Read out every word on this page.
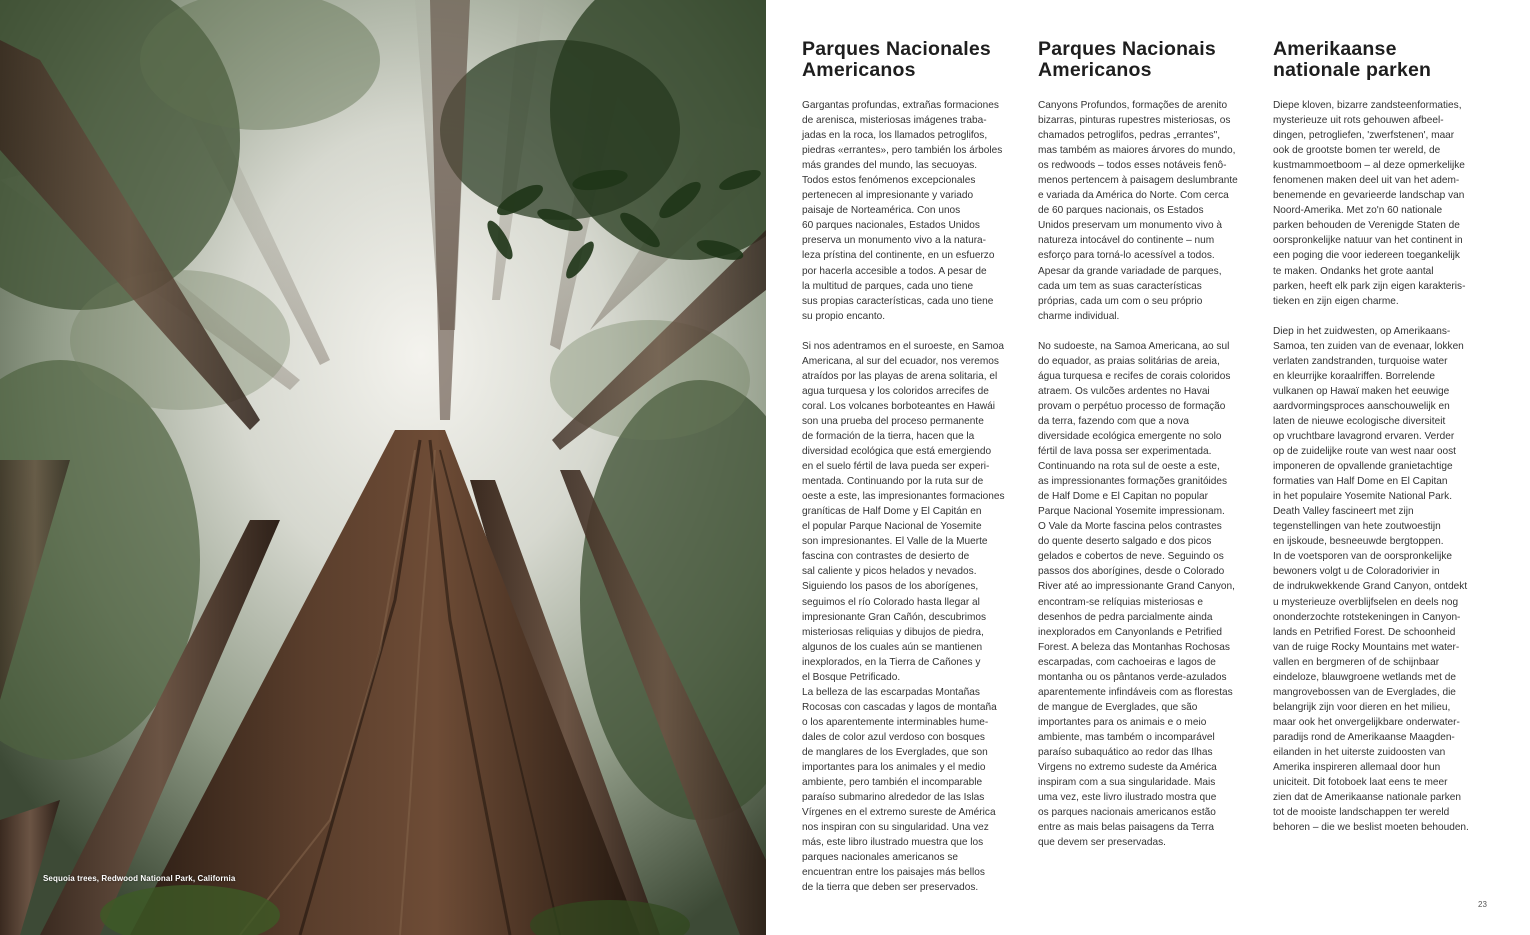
Sequoia trees, Redwood National Park, California
Parques Nacionales
Americanos

Gargantas profundas, extrañas formaciones
de arenisca, misteriosas imágenes traba-
jadas en la roca, los llamados petroglifos,
piedras «errantes», pero también los árboles
más grandes del mundo, las secuoyas.
Todos estos fenómenos excepcionales
pertenecen al impresionante y variado
paisaje de Norteamérica. Con unos
60 parques nacionales, Estados Unidos
preserva un monumento vivo a la natura-
leza prístina del continente, en un esfuerzo
por hacerla accesible a todos. A pesar de
la multitud de parques, cada uno tiene
sus propias características, cada uno tiene
su propio encanto.

Si nos adentramos en el suroeste, en Samoa
Americana, al sur del ecuador, nos veremos
atraídos por las playas de arena solitaria, el
agua turquesa y los coloridos arrecifes de
coral. Los volcanes borboteantes en Hawái
son una prueba del proceso permanente
de formación de la tierra, hacen que la
diversidad ecológica que está emergiendo
en el suelo fértil de lava pueda ser experi-
mentada. Continuando por la ruta sur de
oeste a este, las impresionantes formaciones
graníticas de Half Dome y El Capitán en
el popular Parque Nacional de Yosemite
son impresionantes. El Valle de la Muerte
fascina con contrastes de desierto de
sal caliente y picos helados y nevados.
Siguiendo los pasos de los aborígenes,
seguimos el río Colorado hasta llegar al
impresionante Gran Cañón, descubrimos
misteriosas reliquias y dibujos de piedra,
algunos de los cuales aún se mantienen
inexplorados, en la Tierra de Cañones y
el Bosque Petrificado.
La belleza de las escarpadas Montañas
Rocosas con cascadas y lagos de montaña
o los aparentemente interminables hume-
dales de color azul verdoso con bosques
de manglares de los Everglades, que son
importantes para los animales y el medio
ambiente, pero también el incomparable
paraíso submarino alrededor de las Islas
Vírgenes en el extremo sureste de América
nos inspiran con su singularidad. Una vez
más, este libro ilustrado muestra que los
parques nacionales americanos se
encuentran entre los paisajes más bellos
de la tierra que deben ser preservados.

Parques Nacionais
Americanos

Canyons Profundos, formações de arenito
bizarras, pinturas rupestres misteriosas, os
chamados petroglifos, pedras „errantes",
mas também as maiores árvores do mundo,
os redwoods – todos esses notáveis fenô-
menos pertencem à paisagem deslumbrante
e variada da América do Norte. Com cerca
de 60 parques nacionais, os Estados
Unidos preservam um monumento vivo à
natureza intocável do continente – num
esforço para torná-lo acessível a todos.
Apesar da grande variadade de parques,
cada um tem as suas características
próprias, cada um com o seu próprio
charme individual.

No sudoeste, na Samoa Americana, ao sul
do equador, as praias solitárias de areia,
água turquesa e recifes de corais coloridos
atraem. Os vulcões ardentes no Havai
provam o perpétuo processo de formação
da terra, fazendo com que a nova
diversidade ecológica emergente no solo
fértil de lava possa ser experimentada.
Continuando na rota sul de oeste a este,
as impressionantes formações granitóides
de Half Dome e El Capitan no popular
Parque Nacional Yosemite impressionam.
O Vale da Morte fascina pelos contrastes
do quente deserto salgado e dos picos
gelados e cobertos de neve. Seguindo os
passos dos aborígines, desde o Colorado
River até ao impressionante Grand Canyon,
encontram-se relíquias misteriosas e
desenhos de pedra parcialmente ainda
inexplorados em Canyonlands e Petrified
Forest. A beleza das Montanhas Rochosas
escarpadas, com cachoeiras e lagos de
montanha ou os pântanos verde-azulados
aparentemente infindáveis com as florestas
de mangue de Everglades, que são
importantes para os animais e o meio
ambiente, mas também o incomparável
paraíso subaquático ao redor das Ilhas
Virgens no extremo sudeste da América
inspiram com a sua singularidade. Mais
uma vez, este livro ilustrado mostra que
os parques nacionais americanos estão
entre as mais belas paisagens da Terra
que devem ser preservadas.

Amerikaanse
nationale parken

Diepe kloven, bizarre zandsteenformaties,
mysterieuze uit rots gehouwen afbeel-
dingen, petrogliefen, 'zwerfstenen', maar
ook de grootste bomen ter wereld, de
kustmammoetboom – al deze opmerkelijke
fenomenen maken deel uit van het adem-
benemende en gevarieerde landschap van
Noord-Amerika. Met zo'n 60 nationale
parken behouden de Verenigde Staten de
oorspronkelijke natuur van het continent in
een poging die voor iedereen toegankelijk
te maken. Ondanks het grote aantal
parken, heeft elk park zijn eigen karakteris-
tieken en zijn eigen charme.

Diep in het zuidwesten, op Amerikaans-
Samoa, ten zuiden van de evenaar, lokken
verlaten zandstranden, turquoise water
en kleurrijke koraalriffen. Borrelende
vulkanen op Hawaï maken het eeuwige
aardvormingsproces aanschouwelijk en
laten de nieuwe ecologische diversiteit
op vruchtbare lavagrond ervaren. Verder
op de zuidelijke route van west naar oost
imponeren de opvallende granietachtige
formaties van Half Dome en El Capitan
in het populaire Yosemite National Park.
Death Valley fascineert met zijn
tegenstellingen van hete zoutwoestijn
en ijskoude, besneeuwde bergtoppen.
In de voetsporen van de oorspronkelijke
bewoners volgt u de Coloradorivier in
de indrukwekkende Grand Canyon, ontdekt
u mysterieuze overblijfselen en deels nog
ononderzochte rotstekeningen in Canyon-
lands en Petrified Forest. De schoonheid
van de ruige Rocky Mountains met water-
vallen en bergmeren of de schijnbaar
eindeloze, blauwgroene wetlands met de
mangrovebossen van de Everglades, die
belangrijk zijn voor dieren en het milieu,
maar ook het onvergelijkbare onderwater-
paradijs rond de Amerikaanse Maagden-
eilanden in het uiterste zuidoosten van
Amerika inspireren allemaal door hun
uniciteit. Dit fotoboek laat eens te meer
zien dat de Amerikaanse nationale parken
tot de mooiste landschappen ter wereld
behoren – die we beslist moeten behouden.

23
